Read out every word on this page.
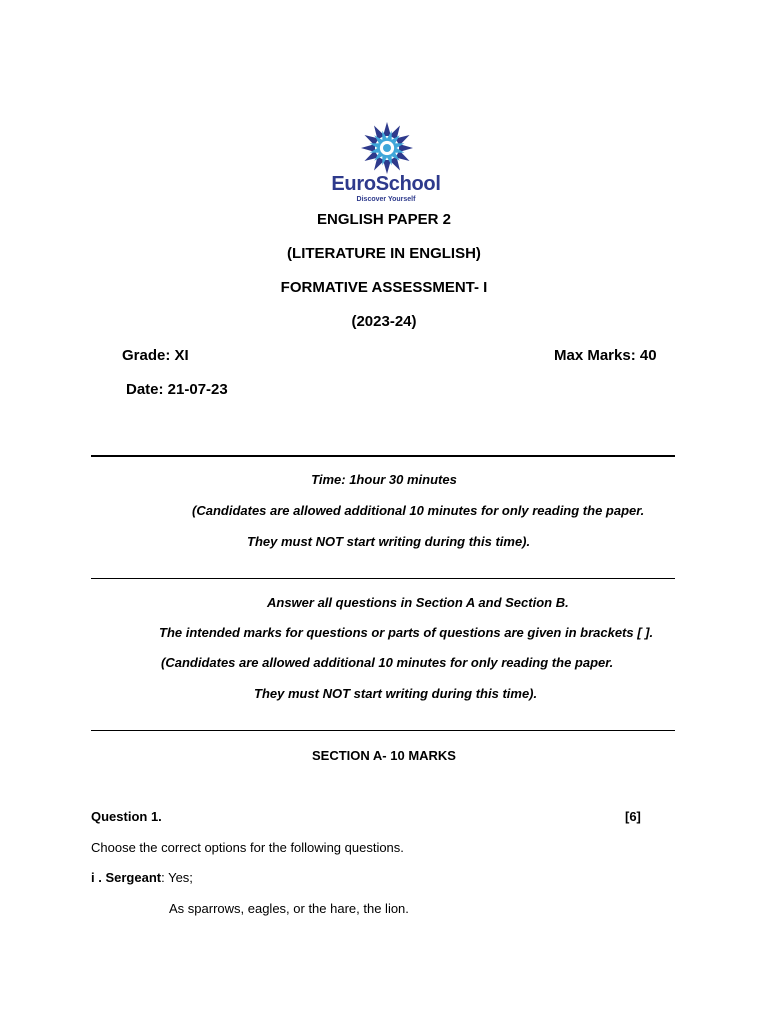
EuroSchool
Discover Yourself
ENGLISH PAPER 2
(LITERATURE IN ENGLISH)
FORMATIVE ASSESSMENT- I
(2023-24)
Grade: XI	Max Marks: 40
Date: 21-07-23
Time: 1hour 30 minutes
(Candidates are allowed additional 10 minutes for only reading the paper.
They must NOT start writing during this time).
Answer all questions in Section A and Section B.
The intended marks for questions or parts of questions are given in brackets [ ].
(Candidates are allowed additional 10 minutes for only reading the paper.
They must NOT start writing during this time).
SECTION A- 10 MARKS
Question 1.	[6]
Choose the correct options for the following questions.
i . Sergeant: Yes;
As sparrows, eagles, or the hare, the lion.
